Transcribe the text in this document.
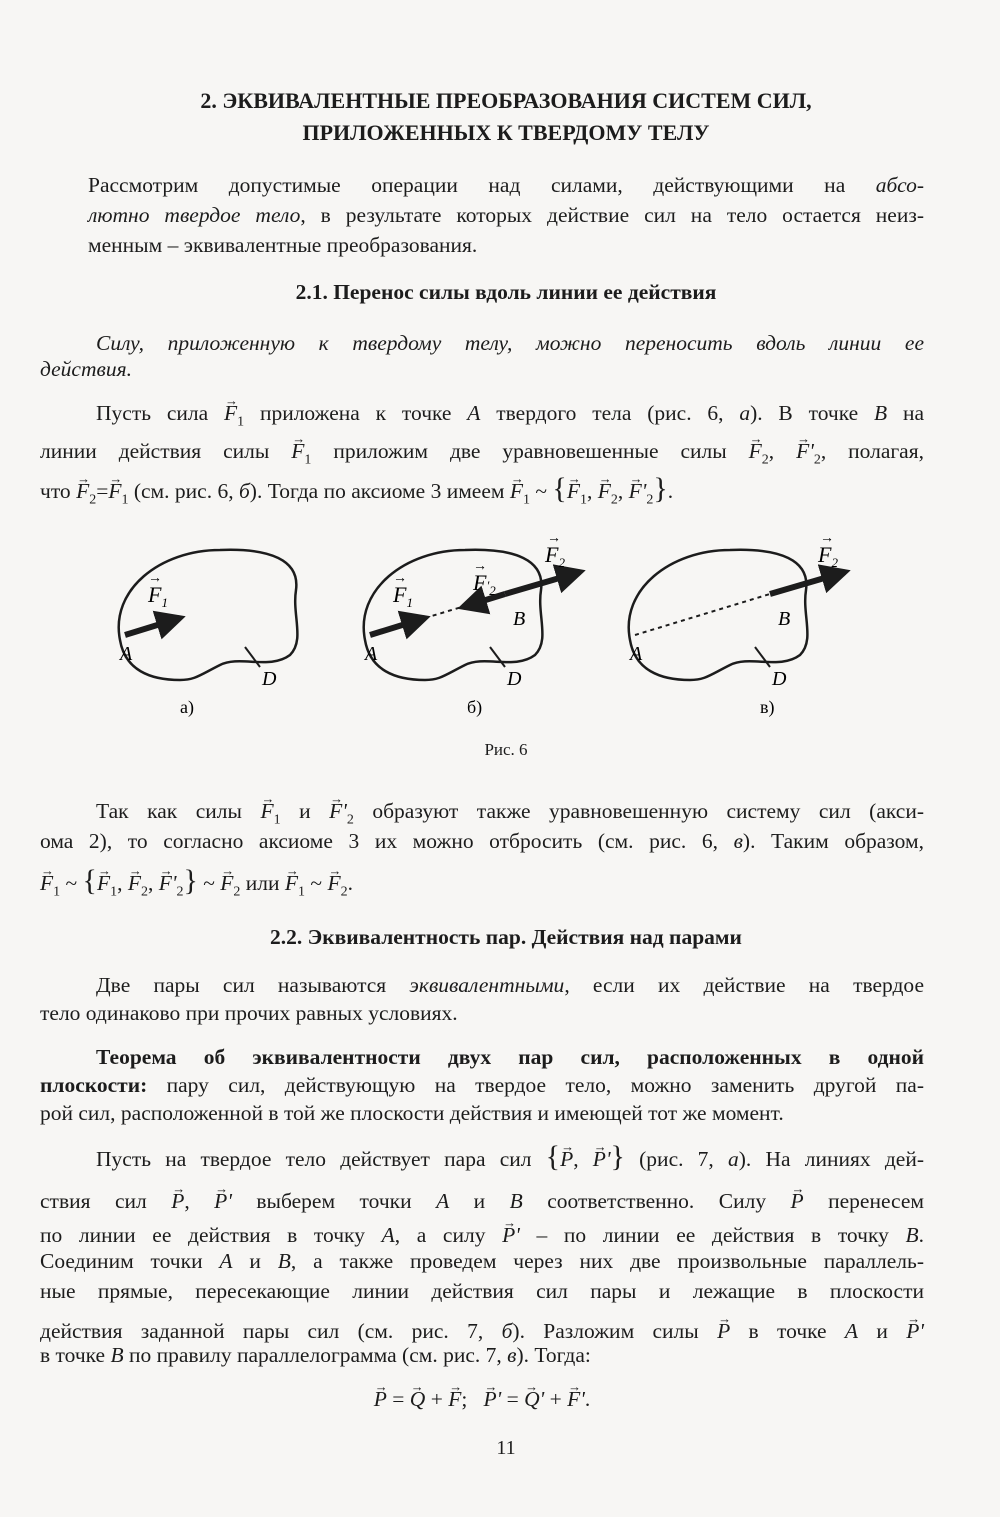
2. ЭКВИВАЛЕНТНЫЕ ПРЕОБРАЗОВАНИЯ СИСТЕМ СИЛ,
ПРИЛОЖЕННЫХ К ТВЕРДОМУ ТЕЛУ
Рассмотрим допустимые операции над силами, действующими на абсо-
лютно твердое тело, в результате которых действие сил на тело остается неиз-
менным – эквивалентные преобразования.
2.1. Перенос силы вдоль линии ее действия
Силу, приложенную к твердому телу, можно переносить вдоль линии ее
действия.
Пусть сила → $F_1$ приложена к точке A твердого тела (рис. 6, а). В точке B на
линии действия силы → $F_1$ приложим две уравновешенные силы → $F_2$, → $F'_2$, полагая,
что → $F_2=\to F_1$ (см. рис. 6, б). Тогда по аксиоме 3 имеем → $F_1$ ~ {→ $F_1$, → $F_2$, → $F'_2$}.
$F_1$
→
A
D
а)
$F_1$
→	$F'_2$
→	$F_2$
→
B
A
D
б)
$F_2$
→
B
A
D
в)
Рис. 6
Так как силы → $F_1$ $и \to F'_2$ образуют также уравновешенную систему сил (акси-
ома 2), то согласно аксиоме 3 их можно отбросить (см. рис. 6, в). Таким образом,
→ $F_1$ ~ {→ $F_1$, → $F_2$, → $F'_2$} ~ → $F_2$ или → $F_1$ ~ → $F_2$.
2.2. Эквивалентность пар. Действия над парами
Две пары сил называются эквивалентными, если их действие на твердое
тело одинаково при прочих равных условиях.
Теорема об эквивалентности двух пар сил, расположенных в одной
плоскости: пару сил, действующую на твердое тело, можно заменить другой па-
рой сил, расположенной в той же плоскости действия и имеющей тот же момент.
Пусть на твердое тело действует пара сил {→ P, → P'} (рис. 7, а). На линиях дей-
ствия сил → P, → P' выберем точки A и B соответственно. Силу → P перенесем
по линии ее действия в точку A, а силу → P' – по линии ее действия в точку B.
Соединим точки A и B, а также проведем через них две произвольные параллель-
ные прямые, пересекающие линии действия сил пары и лежащие в плоскости
действия заданной пары сил (см. рис. 7, б). Разложим силы → P в точке A и → P'
в точке B по правилу параллелограмма (см. рис. 7, в). Тогда:
→ P = → Q + → F; → P' = → Q' + → F'.
11
